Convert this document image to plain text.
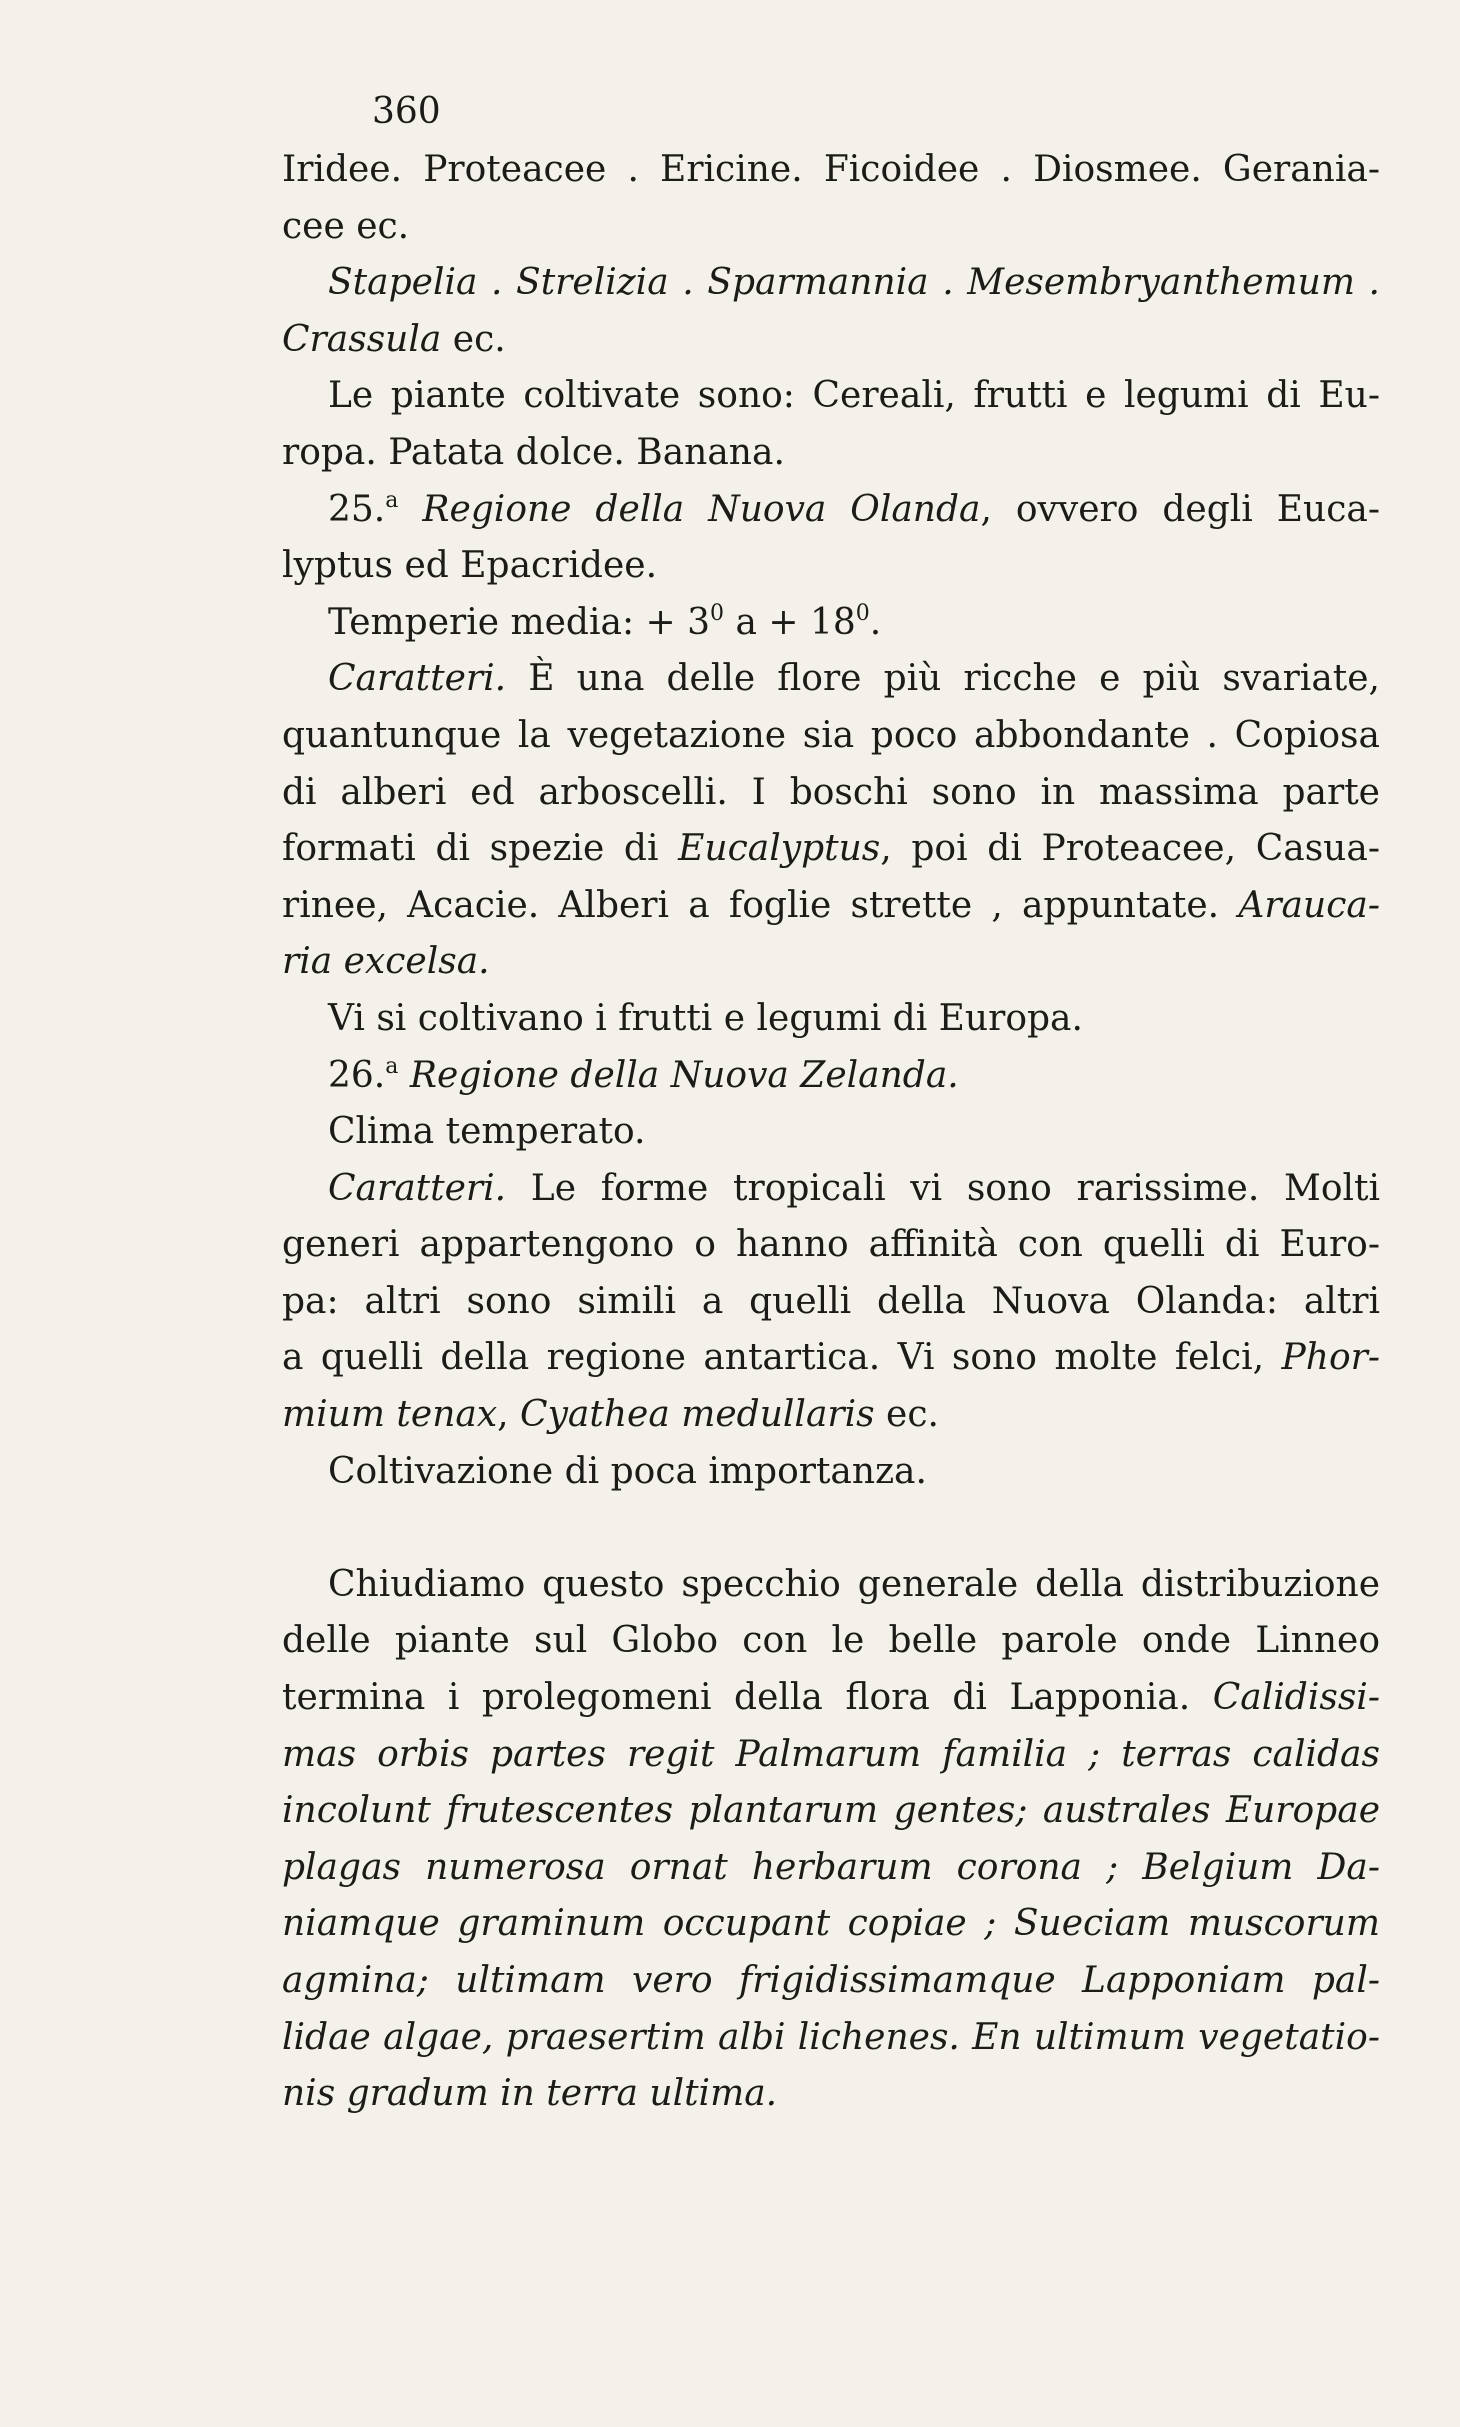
360
Iridee. Proteacee . Ericine. Ficoidee . Diosmee. Gerania-
cee ec.
Stapelia . Strelizia . Sparmannia . Mesembryanthemum .
Crassula ec.
Le piante coltivate sono: Cereali, frutti e legumi di Eu-
ropa. Patata dolce. Banana.
25.$^a$ Regione della Nuova Olanda, ovvero degli Euca-
lyptus ed Epacridee.
Temperie media: + $3^0$ $a + 18^0$.
Caratteri. È una delle flore più ricche e più svariate,
quantunque la vegetazione sia poco abbondante . Copiosa
di alberi ed arboscelli. I boschi sono in massima parte
formati di spezie di Eucalyptus, poi di Proteacee, Casua-
rinee, Acacie. Alberi a foglie strette , appuntate. Arauca-
ria excelsa.
Vi si coltivano i frutti e legumi di Europa.
26.$^a$ Regione della Nuova Zelanda.
Clima temperato.
Caratteri. Le forme tropicali vi sono rarissime. Molti
generi appartengono o hanno affinità con quelli di Euro-
pa: altri sono simili a quelli della Nuova Olanda: altri
a quelli della regione antartica. Vi sono molte felci, Phor-
mium tenax, Cyathea medullaris ec.
Coltivazione di poca importanza.
Chiudiamo questo specchio generale della distribuzione
delle piante sul Globo con le belle parole onde Linneo
termina i prolegomeni della flora di Lapponia. Calidissi-
mas orbis partes regit Palmarum familia ; terras calidas
incolunt frutescentes plantarum gentes; australes Europae
plagas numerosa ornat herbarum corona ; Belgium Da-
niamque graminum occupant copiae ; Sueciam muscorum
agmina; ultimam vero frigidissimamque Lapponiam pal-
lidae algae, praesertim albi lichenes. En ultimum vegetatio-
nis gradum in terra ultima.
